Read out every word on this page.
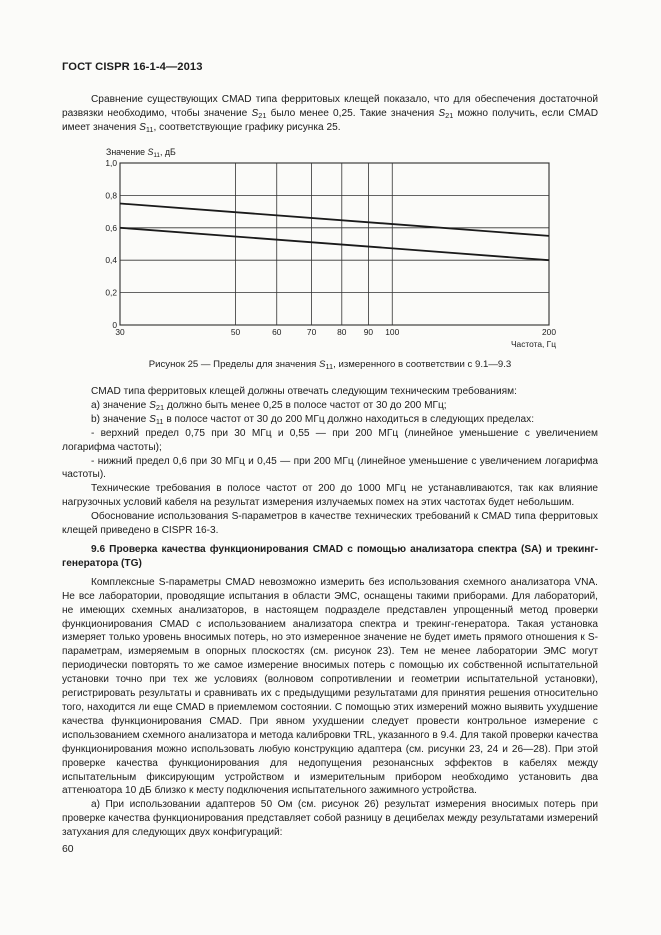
ГОСТ CISPR 16-1-4—2013

Сравнение существующих CMAD типа ферритовых клещей показало, что для обеспечения достаточной развязки необходимо, чтобы значение $S_{21}$ было менее 0,25. Такие значения $S_{21}$ можно получить, если CMAD имеет значения $S_{11}$, соответствующие графику рисунка 25.

Значение $S_{11}$, дБ
0
0,2
0,4
0,6
0,8
1,0
30	50	60	70 80 90 100	200
Частота, Гц
Рисунок 25 — Пределы для значения $S_{11}$, измеренного в соответствии с 9.1—9.3

CMAD типа ферритовых клещей должны отвечать следующим техническим требованиям:

a) значение $S_{21}$ должно быть менее 0,25 в полосе частот от 30 до 200 МГц;

b) значение $S_{11}$ в полосе частот от 30 до 200 МГц должно находиться в следующих пределах:

- верхний предел 0,75 при 30 МГц и 0,55 — при 200 МГц (линейное уменьшение с увеличением логарифма частоты);

- нижний предел 0,6 при 30 МГц и 0,45 — при 200 МГц (линейное уменьшение с увеличением логарифма частоты).

Технические требования в полосе частот от 200 до 1000 МГц не устанавливаются, так как влияние нагрузочных условий кабеля на результат измерения излучаемых помех на этих частотах будет небольшим.

Обоснование использования S-параметров в качестве технических требований к CMAD типа ферритовых клещей приведено в CISPR 16-3.

9.6 Проверка качества функционирования CMAD с помощью анализатора спектра (SA) и трекинг-генератора (TG)

Комплексные S-параметры CMAD невозможно измерить без использования схемного анализатора VNA. Не все лаборатории, проводящие испытания в области ЭМС, оснащены такими приборами. Для лабораторий, не имеющих схемных анализаторов, в настоящем подразделе представлен упрощенный метод проверки функционирования CMAD с использованием анализатора спектра и трекинг-генератора. Такая установка измеряет только уровень вносимых потерь, но это измеренное значение не будет иметь прямого отношения к S-параметрам, измеряемым в опорных плоскостях (см. рисунок 23). Тем не менее лаборатории ЭМС могут периодически повторять то же самое измерение вносимых потерь с помощью их собственной испытательной установки точно при тех же условиях (волновом сопротивлении и геометрии испытательной установки), регистрировать результаты и сравнивать их с предыдущими результатами для принятия решения относительно того, находится ли еще CMAD в приемлемом состоянии. С помощью этих измерений можно выявить ухудшение качества функционирования CMAD. При явном ухудшении следует провести контрольное измерение с использованием схемного анализатора и метода калибровки TRL, указанного в 9.4. Для такой проверки качества функционирования можно использовать любую конструкцию адаптера (см. рисунки 23, 24 и 26—28). При этой проверке качества функционирования для недопущения резонансных эффектов в кабелях между испытательным фиксирующим устройством и измерительным прибором необходимо установить два аттенюатора 10 дБ близко к месту подключения испытательного зажимного устройства.

a) При использовании адаптеров 50 Ом (см. рисунок 26) результат измерения вносимых потерь при проверке качества функционирования представляет собой разницу в децибелах между результатами измерений затухания для следующих двух конфигураций:

60
